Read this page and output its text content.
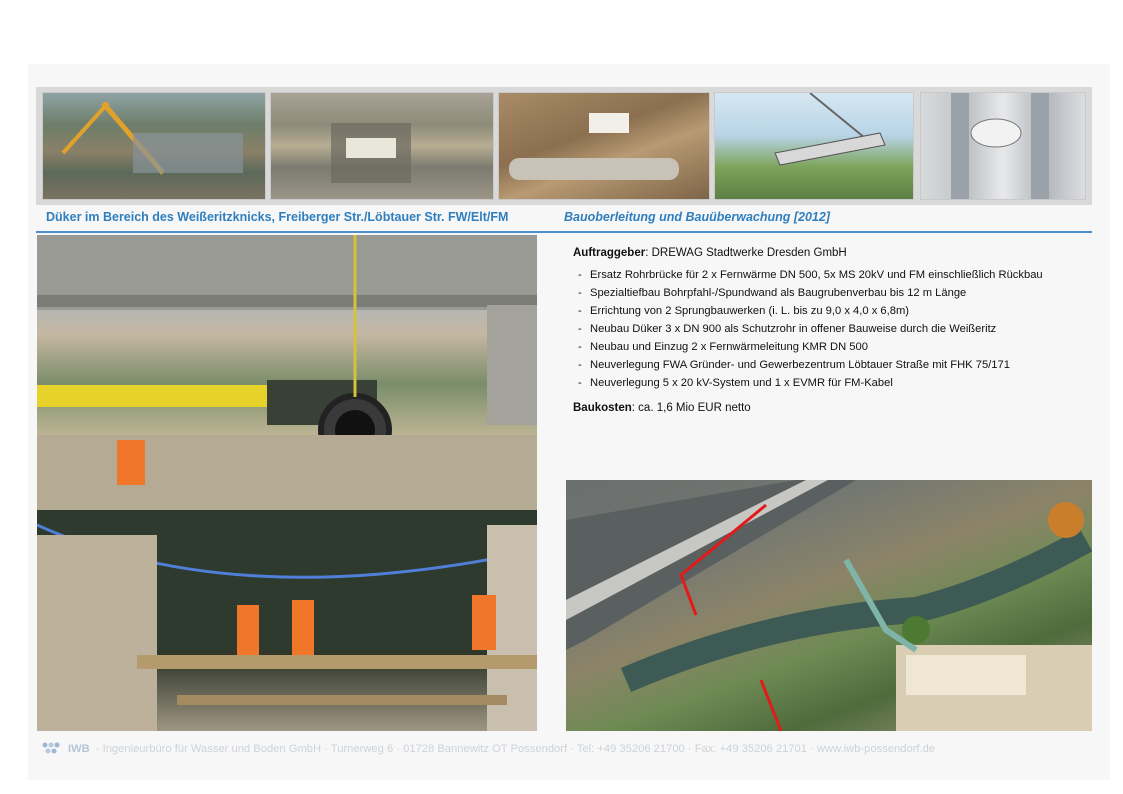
Düker im Bereich des Weißeritzknicks, Freiberger Str./Löbtauer Str. FW/Elt/FM	Bauoberleitung und Bauüberwachung [2012]
Auftraggeber: DREWAG Stadtwerke Dresden GmbH
- Ersatz Rohrbrücke für 2 x Fernwärme DN 500, 5x MS 20kV und FM einschließlich Rückbau
- Spezialtiefbau Bohrpfahl-/Spundwand als Baugrubenverbau bis 12 m Länge
- Errichtung von 2 Sprungbauwerken (i. L. bis zu 9,0 x 4,0 x 6,8m)
- Neubau Düker 3 x DN 900 als Schutzrohr in offener Bauweise durch die Weißeritz
- Neubau und Einzug 2 x Fernwärmeleitung KMR DN 500
- Neuverlegung FWA Gründer- und Gewerbezentrum Löbtauer Straße mit FHK 75/171
- Neuverlegung 5 x 20 kV-System und 1 x EVMR für FM-Kabel
Baukosten: ca. 1,6 Mio EUR netto
IWB - Ingenieurbüro für Wasser und Boden GmbH · Turnerweg 6 · 01728 Bannewitz OT Possendorf · Tel: +49 35206 21700 · Fax: +49 35206 21701 · www.iwb-possendorf.de
